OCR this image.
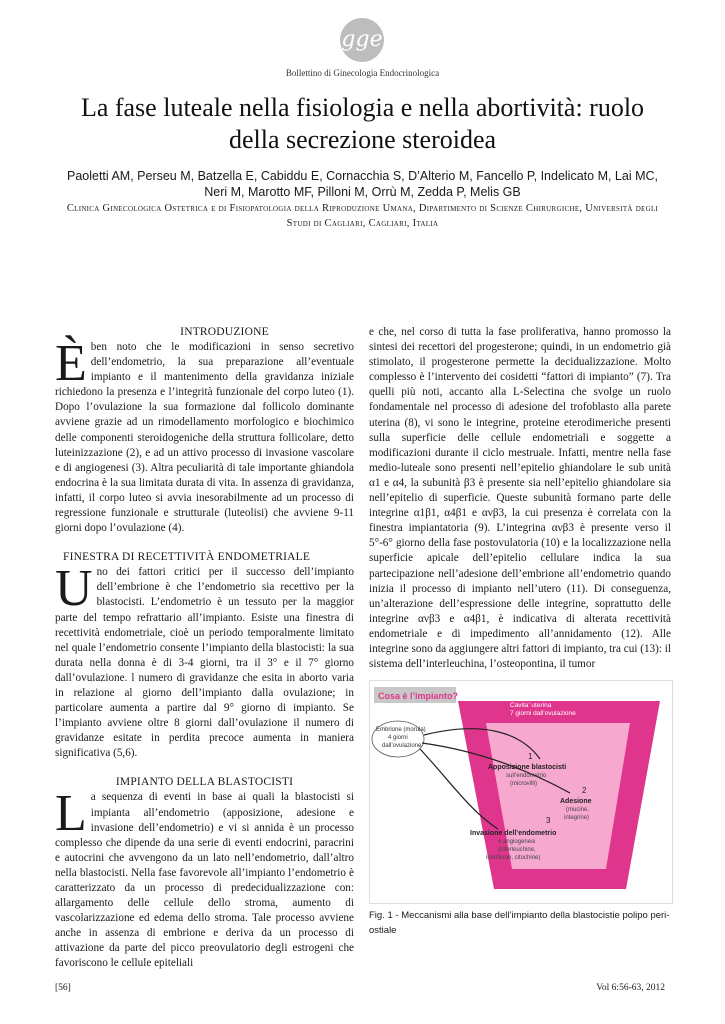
gge
Bollettino di Ginecologia Endocrinologica
La fase luteale nella fisiologia e nella abortività: ruolo della secrezione steroidea
Paoletti AM, Perseu M, Batzella E, Cabiddu E, Cornacchia S, D’Alterio M, Fancello P, Indelicato M, Lai MC, Neri M, Marotto MF, Pilloni M, Orrù M, Zedda P, Melis GB
Clinica Ginecologica Ostetrica e di Fisiopatologia della Riproduzione Umana, Dipartimento di Scienze Chirurgiche, Università degli Studi di Cagliari, Cagliari, Italia
INTRODUZIONE

È ben noto che le modificazioni in senso secretivo dell’endometrio, la sua preparazione all’eventuale impianto e il mantenimento della gravidanza iniziale richiedono la presenza e l’integrità funzionale del corpo luteo (1). Dopo l’ovulazione la sua formazione dal follicolo dominante avviene grazie ad un rimodellamento morfologico e biochimico delle componenti steroidogeniche della struttura follicolare, detto luteinizzazione (2), e ad un attivo processo di invasione vascolare e di angiogenesi (3). Altra peculiarità di tale importante ghiandola endocrina è la sua limitata durata di vita. In assenza di gravidanza, infatti, il corpo luteo si avvia inesorabilmente ad un processo di regressione funzionale e strutturale (luteolisi) che avviene 9-11 giorni dopo l’ovulazione (4).

FINESTRA DI RECETTIVITÀ ENDOMETRIALE

U no dei fattori critici per il successo dell’impianto dell’embrione è che l’endometrio sia recettivo per la blastocisti. L’endometrio è un tessuto per la maggior parte del tempo refrattario all’impianto. Esiste una finestra di recettività endometriale, cioè un periodo temporalmente limitato nel quale l’endometrio consente l’impianto della blastocisti: la sua durata nella donna è di 3-4 giorni, tra il 3° e il 7° giorno dall’ovulazione. l numero di gravidanze che esita in aborto varia in relazione al giorno dell’impianto dalla ovulazione; in particolare aumenta a partire dal 9° giorno di impianto. Se l’impianto avviene oltre 8 giorni dall’ovulazione il numero di gravidanze esitate in perdita precoce aumenta in maniera significativa (5,6).

IMPIANTO DELLA BLASTOCISTI

L a sequenza di eventi in base ai quali la blastocisti si impianta all’endometrio (apposizione, adesione e invasione dell’endometrio) e vi si annida è un processo complesso che dipende da una serie di eventi endocrini, paracrini e autocrini che avvengono da un lato nell’endometrio, dall’altro nella blastocisti. Nella fase favorevole all’impianto l’endometrio è caratterizzato da un processo di predecidualizzazione con: allargamento delle cellule dello stroma, aumento di vascolarizzazione ed edema dello stroma. Tale processo avviene anche in assenza di embrione e deriva da un processo di attivazione da parte del picco preovulatorio degli estrogeni che favoriscono le cellule epiteliali

e che, nel corso di tutta la fase proliferativa, hanno promosso la sintesi dei recettori del progesterone; quindi, in un endometrio già stimolato, il progesterone permette la decidualizzazione. Molto complesso è l’intervento dei cosidetti “fattori di impianto” (7). Tra quelli più noti, accanto alla L-Selectina che svolge un ruolo fondamentale nel processo di adesione del trofoblasto alla parete uterina (8), vi sono le integrine, proteine eterodimeriche presenti sulla superficie delle cellule endometriali e soggette a modificazioni durante il ciclo mestruale. Infatti, mentre nella fase medio-luteale sono presenti nell’epitelio ghiandolare le sub unità α1 e α4, la subunità β3 è presente sia nell’epitelio ghiandolare sia nell’epitelio di superficie. Queste subunità formano parte delle integrine α1β1, α4β1 e ανβ3, la cui presenza è correlata con la finestra impiantatoria (9). L’integrina ανβ3 è presente verso il 5°-6° giorno della fase postovulatoria (10) e la localizzazione nella superficie apicale dell’epitelio cellulare indica la sua partecipazione nell’adesione dell’embrione all’endometrio quando inizia il processo di impianto nell’utero (11). Di conseguenza, un’alterazione dell’espressione delle integrine, soprattutto delle integrine ανβ3 e α4β1, è indicativa di alterata recettività endometriale e di impedimento all’annidamento (12). Alle integrine sono da aggiungere altri fattori di impianto, tra cui (13): il sistema dell’interleuchina, l’osteopontina, il tumor

Cosa è l’impianto?
Cavita’ uterina 7 giorni dall’ovulazione
Embrione (morula) 4 giorni dall’ovulazione
1
Apposizione blastocisti
sull’endometrio (microvilli)
2
Adesione
(mucine, integrine)
3
Invasione dell’endometrio
e angiogenesi (interleuchine, interferon, citochine)
Fig. 1 - Meccanismi alla base dell’impianto della blastocistie polipo peri-ostiale
[56]	Vol 6:56-63, 2012
